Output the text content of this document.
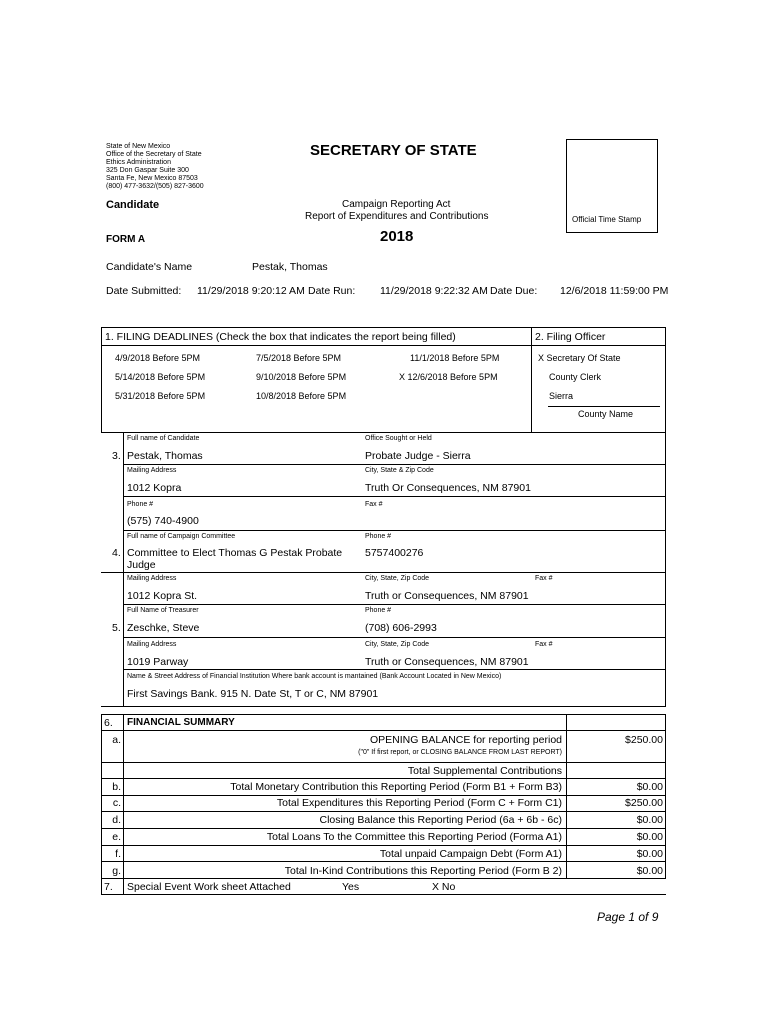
State of New Mexico
Office of the Secretary of State
Ethics Administration
325 Don Gaspar Suite 300
Santa Fe, New Mexico 87503
(800) 477-3632/(505) 827-3600
SECRETARY OF STATE
Candidate	Campaign Reporting Act
Report of Expenditures and Contributions
FORM A	2018
Official Time Stamp
Candidate's Name	Pestak, Thomas
Date Submitted: 11/29/2018 9:20:12 AM Date Run: 11/29/2018 9:22:32 AM Date Due: 12/6/2018 11:59:00 PM
1. FILING DEADLINES (Check the box that indicates the report being filled)	2. Filing Officer
4/9/2018 Before 5PM
5/14/2018 Before 5PM
5/31/2018 Before 5PM
7/5/2018 Before 5PM
9/10/2018 Before 5PM
10/8/2018 Before 5PM
11/1/2018 Before 5PM
X 12/6/2018 Before 5PM
X Secretary Of State
County Clerk
Sierra
County Name
3.
Full name of Candidate
Pestak, Thomas
Office Sought or Held
Probate Judge - Sierra
Mailing Address
1012 Kopra
City, State & Zip Code
Truth Or Consequences, NM 87901
Phone #
(575) 740-4900
Fax #
4.
Full name of Campaign Committee
Committee to Elect Thomas G Pestak Probate Judge
Phone #
5757400276
Mailing Address
1012 Kopra St.
City, State, Zip Code
Truth or Consequences, NM 87901
Fax #
5.
Full Name of Treasurer
Zeschke, Steve
Phone #
(708) 606-2993
Mailing Address
1019 Parway
City, State, Zip Code
Truth or Consequences, NM 87901
Fax #
Name & Street Address of Financial Institution Where bank account is mantained (Bank Account Located in New Mexico)
First Savings Bank. 915 N. Date St, T or C, NM 87901
6. FINANCIAL SUMMARY
a.	OPENING BALANCE for reporting period	$250.00
("0" If first report, or CLOSING BALANCE FROM LAST REPORT)
Total Supplemental Contributions
b.	Total Monetary Contribution this Reporting Period (Form B1 + Form B3)	$0.00
c.	Total Expenditures this Reporting Period (Form C + Form C1)	$250.00
d.	Closing Balance this Reporting Period (6a + 6b - 6c)	$0.00
e.	Total Loans To the Committee this Reporting Period (Forma A1)	$0.00
f.	Total unpaid Campaign Debt (Form A1)	$0.00
g.	Total In-Kind Contributions this Reporting Period (Form B 2)	$0.00
7. Special Event Work sheet Attached	Yes	X No
Page 1 of 9
